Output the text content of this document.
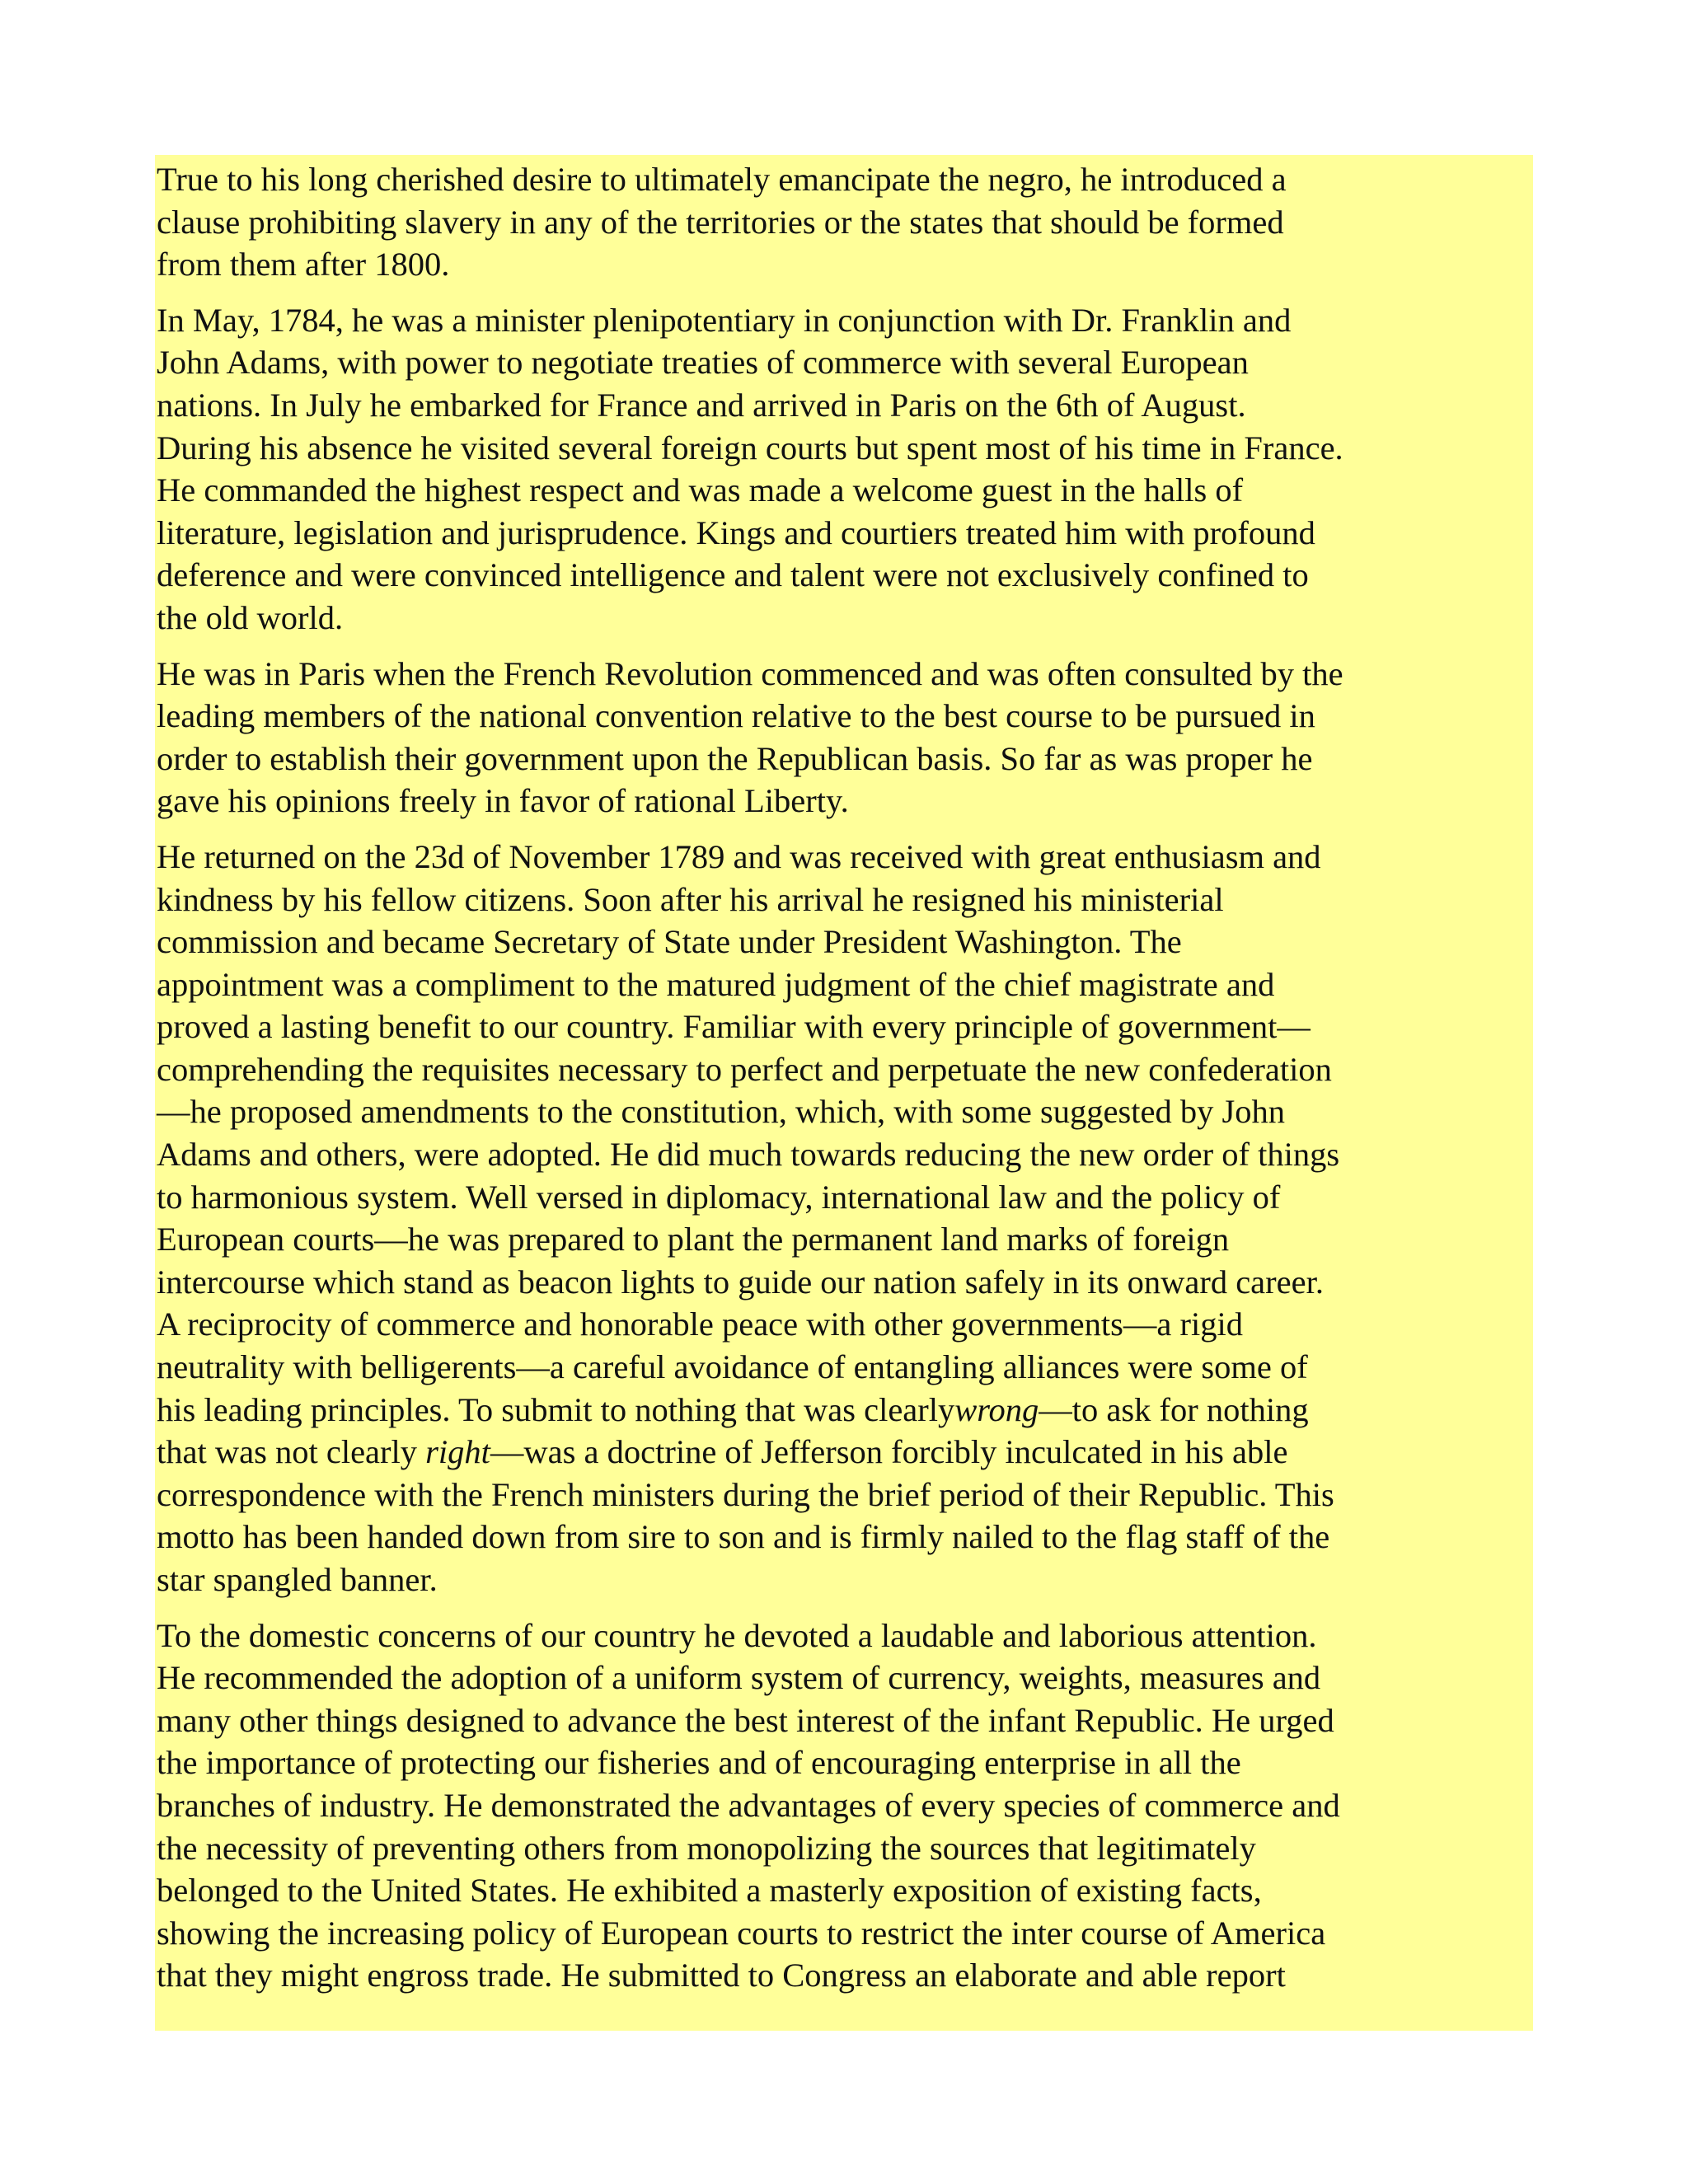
True to his long cherished desire to ultimately emancipate the negro, he introduced a
clause prohibiting slavery in any of the territories or the states that should be formed
from them after 1800.

In May, 1784, he was a minister plenipotentiary in conjunction with Dr. Franklin and
John Adams, with power to negotiate treaties of commerce with several European
nations. In July he embarked for France and arrived in Paris on the 6th of August.
During his absence he visited several foreign courts but spent most of his time in France.
He commanded the highest respect and was made a welcome guest in the halls of
literature, legislation and jurisprudence. Kings and courtiers treated him with profound
deference and were convinced intelligence and talent were not exclusively confined to
the old world.

He was in Paris when the French Revolution commenced and was often consulted by the
leading members of the national convention relative to the best course to be pursued in
order to establish their government upon the Republican basis. So far as was proper he
gave his opinions freely in favor of rational Liberty.

He returned on the 23d of November 1789 and was received with great enthusiasm and
kindness by his fellow citizens. Soon after his arrival he resigned his ministerial
commission and became Secretary of State under President Washington. The
appointment was a compliment to the matured judgment of the chief magistrate and
proved a lasting benefit to our country. Familiar with every principle of government—
comprehending the requisites necessary to perfect and perpetuate the new confederation
—he proposed amendments to the constitution, which, with some suggested by John
Adams and others, were adopted. He did much towards reducing the new order of things
to harmonious system. Well versed in diplomacy, international law and the policy of
European courts—he was prepared to plant the permanent land marks of foreign
intercourse which stand as beacon lights to guide our nation safely in its onward career.
A reciprocity of commerce and honorable peace with other governments—a rigid
neutrality with belligerents—a careful avoidance of entangling alliances were some of
his leading principles. To submit to nothing that was clearlywrong—to ask for nothing
that was not clearly right—was a doctrine of Jefferson forcibly inculcated in his able
correspondence with the French ministers during the brief period of their Republic. This
motto has been handed down from sire to son and is firmly nailed to the flag staff of the
star spangled banner.

To the domestic concerns of our country he devoted a laudable and laborious attention.
He recommended the adoption of a uniform system of currency, weights, measures and
many other things designed to advance the best interest of the infant Republic. He urged
the importance of protecting our fisheries and of encouraging enterprise in all the
branches of industry. He demonstrated the advantages of every species of commerce and
the necessity of preventing others from monopolizing the sources that legitimately
belonged to the United States. He exhibited a masterly exposition of existing facts,
showing the increasing policy of European courts to restrict the inter course of America
that they might engross trade. He submitted to Congress an elaborate and able report
